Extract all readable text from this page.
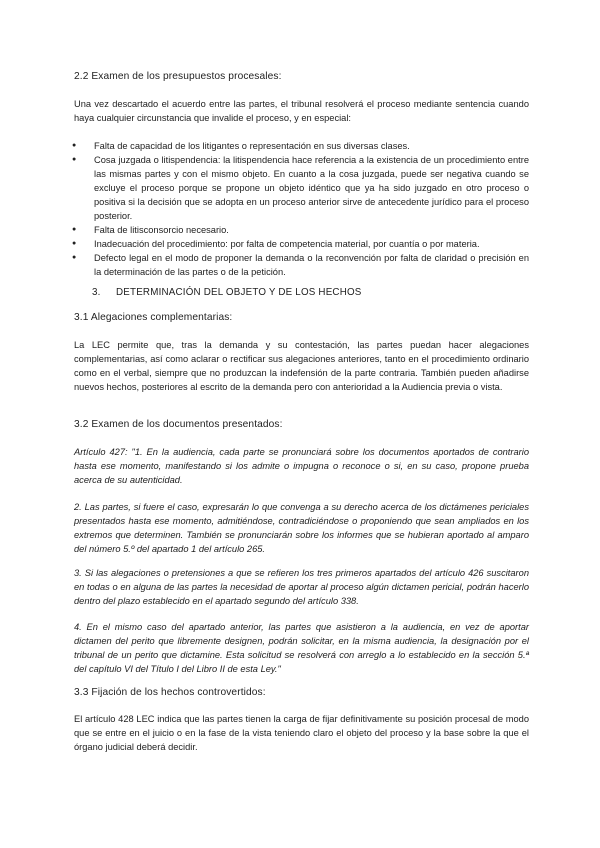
2.2 Examen de los presupuestos procesales:
Una vez descartado el acuerdo entre las partes, el tribunal resolverá el proceso mediante sentencia cuando haya cualquier circunstancia que invalide el proceso, y en especial:
● Falta de capacidad de los litigantes o representación en sus diversas clases.
● Cosa juzgada o litispendencia: la litispendencia hace referencia a la existencia de un procedimiento entre las mismas partes y con el mismo objeto. En cuanto a la cosa juzgada, puede ser negativa cuando se excluye el proceso porque se propone un objeto idéntico que ya ha sido juzgado en otro proceso o positiva si la decisión que se adopta en un proceso anterior sirve de antecedente jurídico para el proceso posterior.
● Falta de litisconsorcio necesario.
● Inadecuación del procedimiento: por falta de competencia material, por cuantía o por materia.
● Defecto legal en el modo de proponer la demanda o la reconvención por falta de claridad o precisión en la determinación de las partes o de la petición.
3. DETERMINACIÓN DEL OBJETO Y DE LOS HECHOS
3.1 Alegaciones complementarias:
La LEC permite que, tras la demanda y su contestación, las partes puedan hacer alegaciones complementarias, así como aclarar o rectificar sus alegaciones anteriores, tanto en el procedimiento ordinario como en el verbal, siempre que no produzcan la indefensión de la parte contraria. También pueden añadirse nuevos hechos, posteriores al escrito de la demanda pero con anterioridad a la Audiencia previa o vista.
3.2 Examen de los documentos presentados:
Artículo 427: "1. En la audiencia, cada parte se pronunciará sobre los documentos aportados de contrario hasta ese momento, manifestando si los admite o impugna o reconoce o si, en su caso, propone prueba acerca de su autenticidad.
2. Las partes, si fuere el caso, expresarán lo que convenga a su derecho acerca de los dictámenes periciales presentados hasta ese momento, admitiéndose, contradiciéndose o proponiendo que sean ampliados en los extremos que determinen. También se pronunciarán sobre los informes que se hubieran aportado al amparo del número 5.º del apartado 1 del artículo 265.
3. Si las alegaciones o pretensiones a que se refieren los tres primeros apartados del artículo 426 suscitaron en todas o en alguna de las partes la necesidad de aportar al proceso algún dictamen pericial, podrán hacerlo dentro del plazo establecido en el apartado segundo del artículo 338.
4. En el mismo caso del apartado anterior, las partes que asistieron a la audiencia, en vez de aportar dictamen del perito que libremente designen, podrán solicitar, en la misma audiencia, la designación por el tribunal de un perito que dictamine. Esta solicitud se resolverá con arreglo a lo establecido en la sección 5.ª del capítulo VI del Título I del Libro II de esta Ley."
3.3 Fijación de los hechos controvertidos:
El artículo 428 LEC indica que las partes tienen la carga de fijar definitivamente su posición procesal de modo que se entre en el juicio o en la fase de la vista teniendo claro el objeto del proceso y la base sobre la que el órgano judicial deberá decidir.
